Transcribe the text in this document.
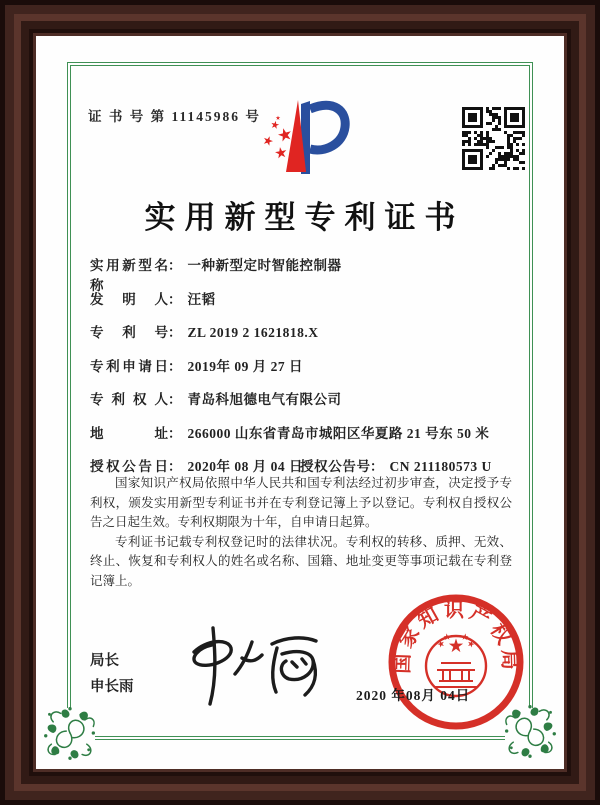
证 书 号 第 11145986 号
实用新型专利证书
实用新型名称
： 一种新型定时智能控制器
发明人 ： 汪韬
专利号 ： ZL 2019 2 1621818.X
专利申请日 ： 2019年 09 月 27 日
专利权人 ： 青岛科旭德电气有限公司
地址 ： 266000 山东省青岛市城阳区华夏路 21 号东 50 米
授权公告日 ： 2020年 08 月 04 日
授权公告号 ： CN 211180573 U

国家知识产权局依照中华人民共和国专利法经过初步审查，决定授予专利权，颁发实用新型专利证书并在专利登记簿上予以登记。专利权自授权公告之日起生效。专利权期限为十年，自申请日起算。

专利证书记载专利权登记时的法律状况。专利权的转移、质押、无效、终止、恢复和专利权人的姓名或名称、国籍、地址变更等事项记载在专利登记簿上。

局长
申长雨
国家知识产权局
2020 年08月 04日
